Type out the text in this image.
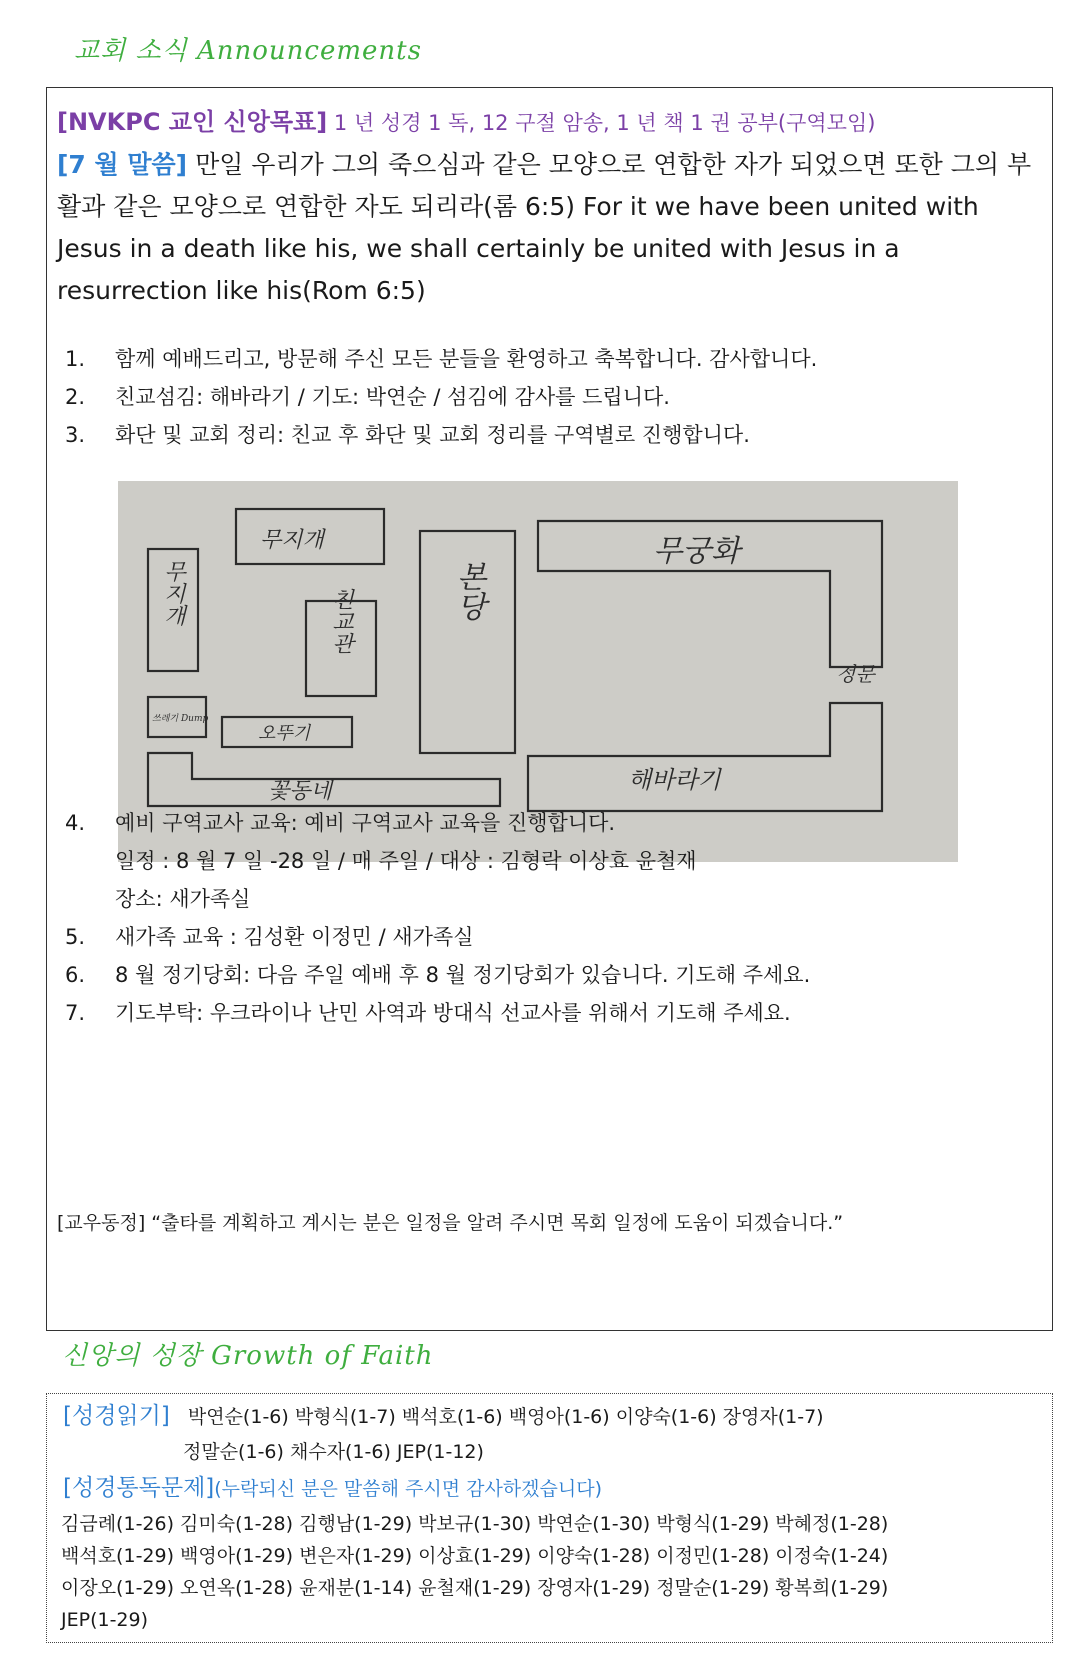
교회 소식 Announcements
[NVKPC 교인 신앙목표] 1 년 성경 1 독, 12 구절 암송, 1 년 책 1 권 공부(구역모임)
[7 월 말씀] 만일 우리가 그의 죽으심과 같은 모양으로 연합한 자가 되었으면 또한 그의 부활과 같은 모양으로 연합한 자도 되리라(롬 6:5) For it we have been united with Jesus in a death like his, we shall certainly be united with Jesus in a resurrection like his(Rom 6:5)
1.	함께 예배드리고, 방문해 주신 모든 분들을 환영하고 축복합니다. 감사합니다.
2.	친교섬김: 해바라기 / 기도: 박연순 / 섬김에 감사를 드립니다.
3.	화단 및 교회 정리: 친교 후 화단 및 교회 정리를 구역별로 진행합니다.
무지개
무지개	친교관	본당
무궁화
정문
쓰레기 Dump
오뚜기
꽃동네	해바라기
4.	예비 구역교사 교육: 예비 구역교사 교육을 진행합니다.
일정 : 8 월 7 일 -28 일 / 매 주일 / 대상 : 김형락 이상효 윤철재
장소: 새가족실
5.	새가족 교육 : 김성환 이정민 / 새가족실
6.	8 월 정기당회: 다음 주일 예배 후 8 월 정기당회가 있습니다. 기도해 주세요.
7.	기도부탁: 우크라이나 난민 사역과 방대식 선교사를 위해서 기도해 주세요.
[교우동정] “출타를 계획하고 계시는 분은 일정을 알려 주시면 목회 일정에 도움이 되겠습니다.”
신앙의 성장 Growth of Faith
[성경읽기] 박연순(1-6) 박형식(1-7) 백석호(1-6) 백영아(1-6) 이양숙(1-6) 장영자(1-7)
정말순(1-6) 채수자(1-6) JEP(1-12)
[성경통독문제](누락되신 분은 말씀해 주시면 감사하겠습니다)
김금례(1-26) 김미숙(1-28) 김행남(1-29) 박보규(1-30) 박연순(1-30) 박형식(1-29) 박혜정(1-28)
백석호(1-29) 백영아(1-29) 변은자(1-29) 이상효(1-29) 이양숙(1-28) 이정민(1-28) 이정숙(1-24)
이장오(1-29) 오연옥(1-28) 윤재분(1-14) 윤철재(1-29) 장영자(1-29) 정말순(1-29) 황복희(1-29)
JEP(1-29)
